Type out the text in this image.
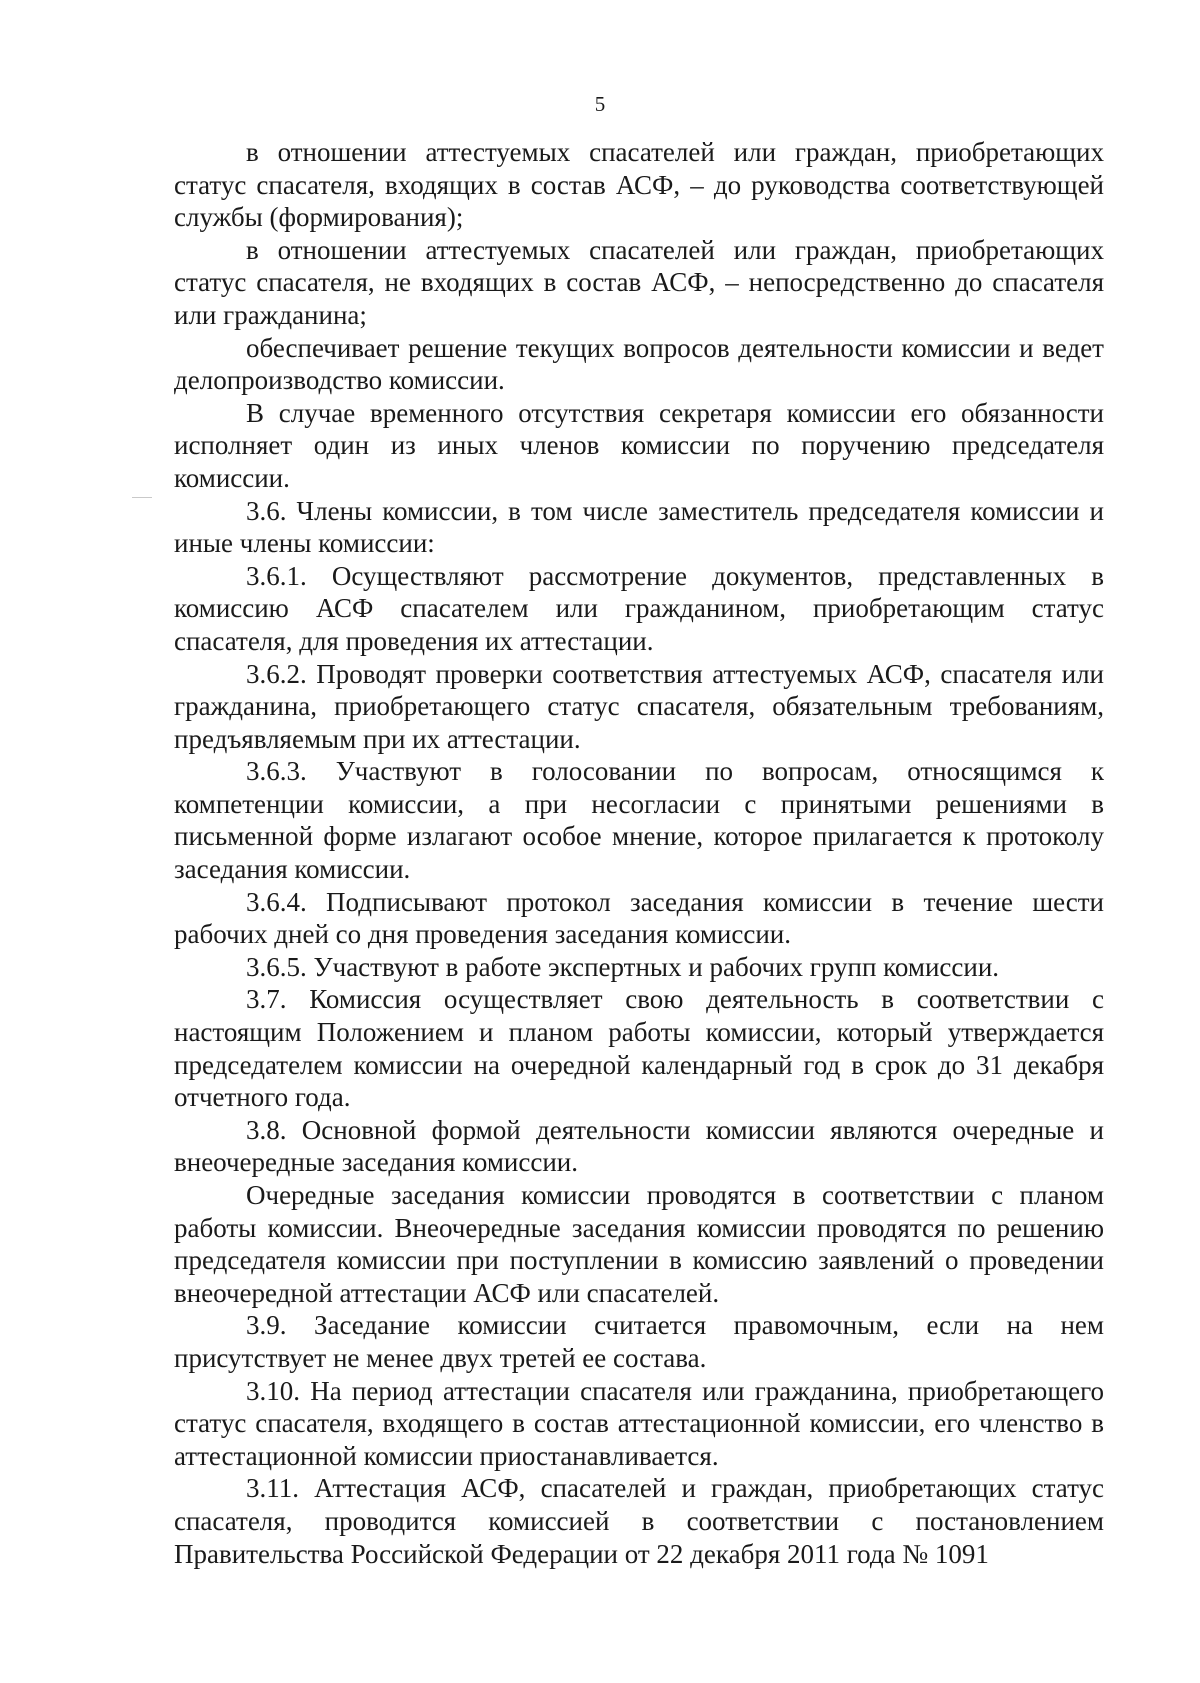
5

в отношении аттестуемых спасателей или граждан, приобретающих статус спасателя, входящих в состав АСФ, – до руководства соответствующей службы (формирования);

в отношении аттестуемых спасателей или граждан, приобретающих статус спасателя, не входящих в состав АСФ, – непосредственно до спасателя или гражданина;

обеспечивает решение текущих вопросов деятельности комиссии и ведет делопроизводство комиссии.

В случае временного отсутствия секретаря комиссии его обязанности исполняет один из иных членов комиссии по поручению председателя комиссии.

3.6. Члены комиссии, в том числе заместитель председателя комиссии и иные члены комиссии:

3.6.1. Осуществляют рассмотрение документов, представленных в комиссию АСФ спасателем или гражданином, приобретающим статус спасателя, для проведения их аттестации.

3.6.2. Проводят проверки соответствия аттестуемых АСФ, спасателя или гражданина, приобретающего статус спасателя, обязательным требованиям, предъявляемым при их аттестации.

3.6.3. Участвуют в голосовании по вопросам, относящимся к компетенции комиссии, а при несогласии с принятыми решениями в письменной форме излагают особое мнение, которое прилагается к протоколу заседания комиссии.

3.6.4. Подписывают протокол заседания комиссии в течение шести рабочих дней со дня проведения заседания комиссии.

3.6.5. Участвуют в работе экспертных и рабочих групп комиссии.

3.7. Комиссия осуществляет свою деятельность в соответствии с настоящим Положением и планом работы комиссии, который утверждается председателем комиссии на очередной календарный год в срок до 31 декабря отчетного года.

3.8. Основной формой деятельности комиссии являются очередные и внеочередные заседания комиссии.

Очередные заседания комиссии проводятся в соответствии с планом работы комиссии. Внеочередные заседания комиссии проводятся по решению председателя комиссии при поступлении в комиссию заявлений о проведении внеочередной аттестации АСФ или спасателей.

3.9. Заседание комиссии считается правомочным, если на нем присутствует не менее двух третей ее состава.

3.10. На период аттестации спасателя или гражданина, приобретающего статус спасателя, входящего в состав аттестационной комиссии, его членство в аттестационной комиссии приостанавливается.

3.11. Аттестация АСФ, спасателей и граждан, приобретающих статус спасателя, проводится комиссией в соответствии с постановлением Правительства Российской Федерации от 22 декабря 2011 года № 1091
